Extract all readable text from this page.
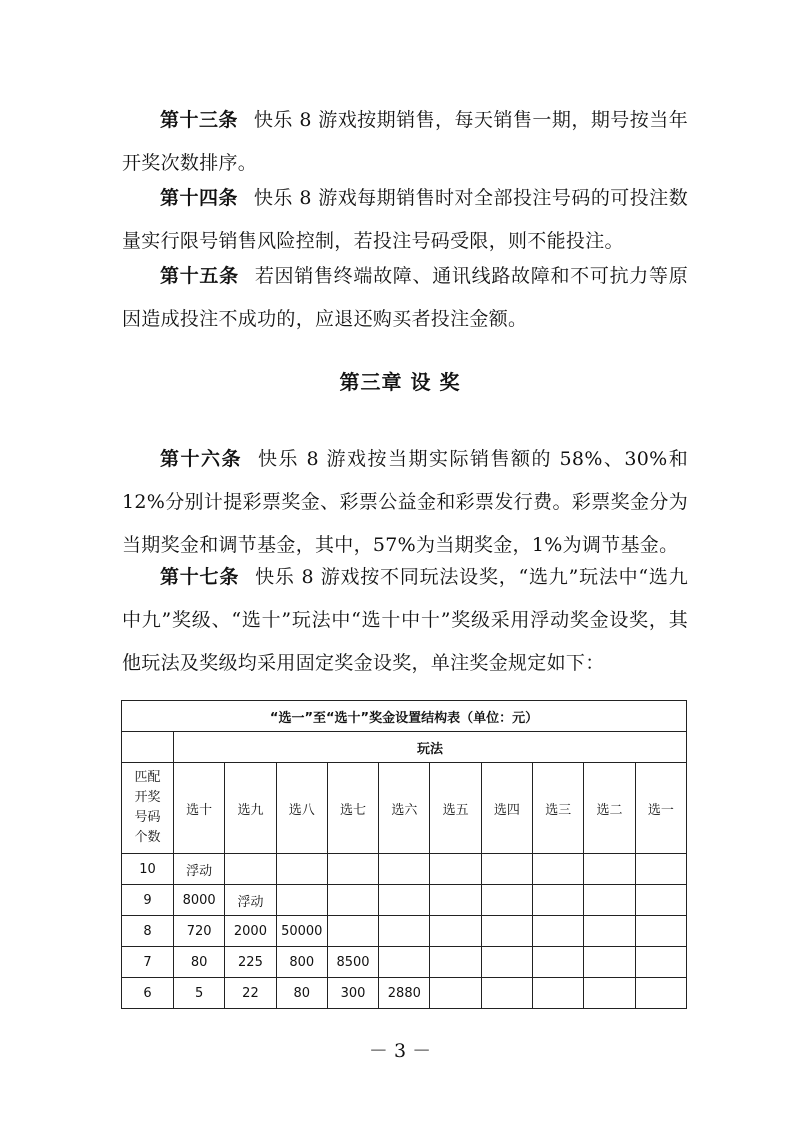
第十三条 快乐 8 游戏按期销售，每天销售一期，期号按当年开奖次数排序。

第十四条 快乐 8 游戏每期销售时对全部投注号码的可投注数量实行限号销售风险控制，若投注号码受限，则不能投注。

第十五条 若因销售终端故障、通讯线路故障和不可抗力等原因造成投注不成功的，应退还购买者投注金额。

第三章 设 奖

第十六条 快乐 8 游戏按当期实际销售额的 58%、30%和 12%分别计提彩票奖金、彩票公益金和彩票发行费。彩票奖金分为当期奖金和调节基金，其中，57%为当期奖金，1%为调节基金。

第十七条 快乐 8 游戏按不同玩法设奖，“选九”玩法中“选九中九”奖级、“选十”玩法中“选十中十”奖级采用浮动奖金设奖，其他玩法及奖级均采用固定奖金设奖，单注奖金规定如下：

“选一”至“选十”奖金设置结构表（单位：元）										
	玩法									
匹配开奖号码个数	选十	选九	选八	选七	选六	选五	选四	选三	选二	选一
10	浮动									
9	8000	浮动								
8	720	2000	50000							
7	80	225	800	8500						
6	5	22	80	300	2880					

－ 3 －
